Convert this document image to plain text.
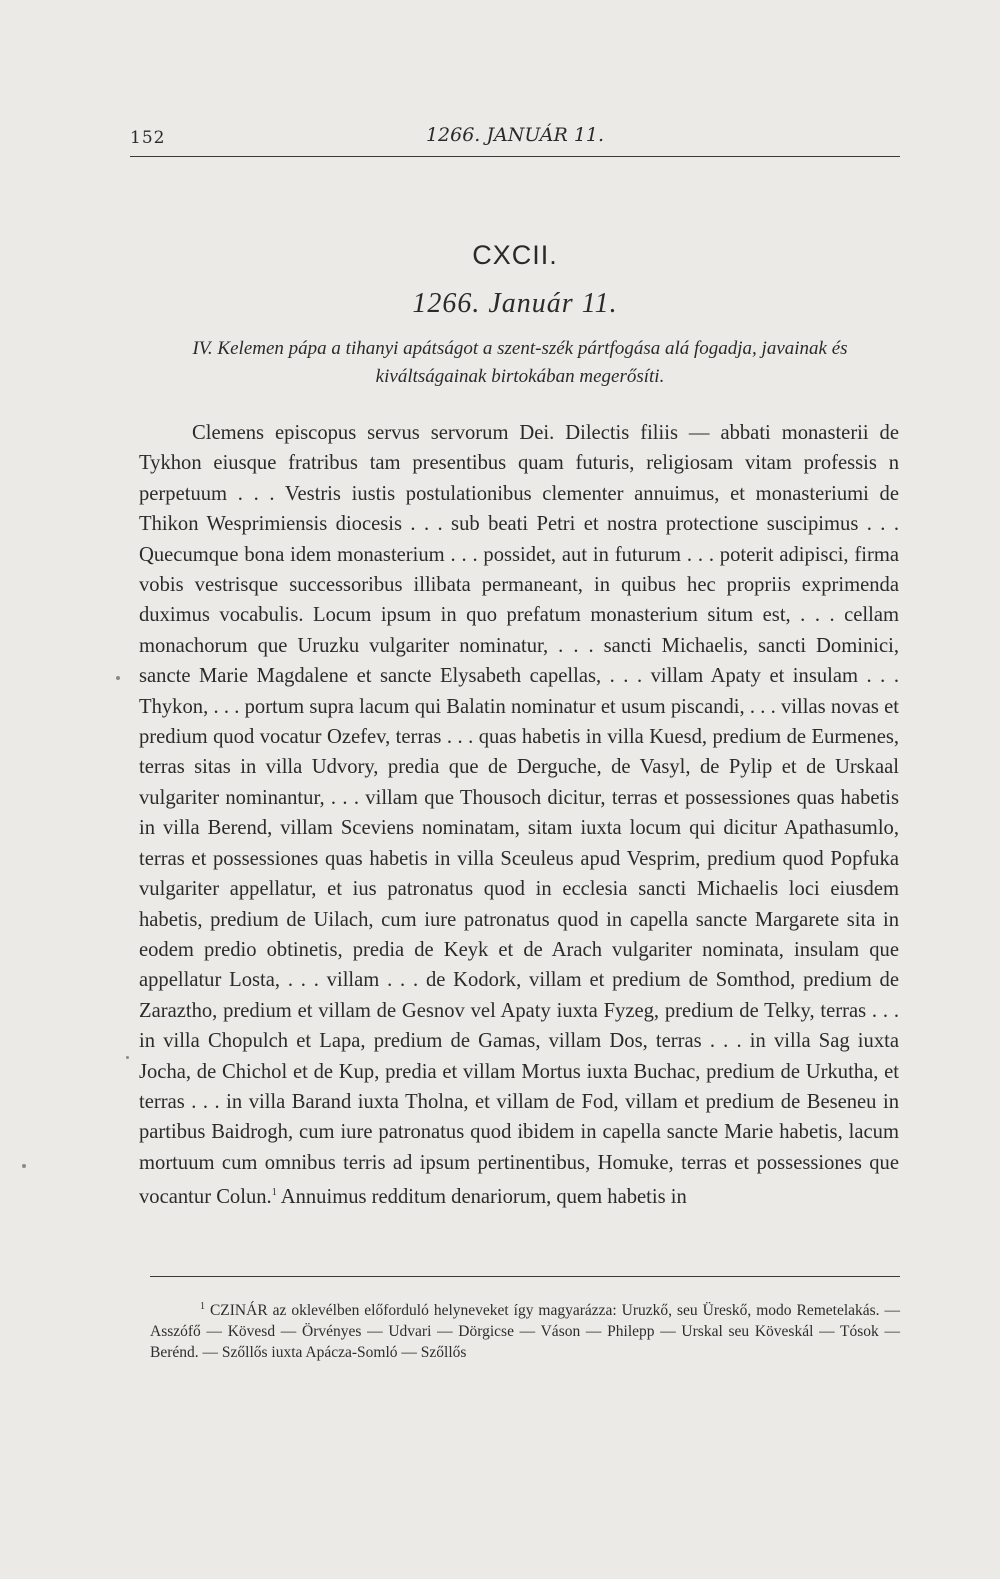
152	1266. JANUÁR 11.
CXCII.
1266. Január 11.
IV. Kelemen pápa a tihanyi apátságot a szent-szék pártfogása alá fogadja, javainak és kiváltságainak birtokában megerősíti.

Clemens episcopus servus servorum Dei. Dilectis filiis — abbati monasterii de Tykhon eiusque fratribus tam presentibus quam futuris, religiosam vitam professis n perpetuum . . . Vestris iustis postulationibus clementer annuimus, et monasteriumi de Thikon Wesprimiensis diocesis . . . sub beati Petri et nostra protectione suscipimus . . . Quecumque bona idem monasterium . . . possidet, aut in futurum . . . poterit adipisci, firma vobis vestrisque successoribus illibata permaneant, in quibus hec propriis exprimenda duximus vocabulis. Locum ipsum in quo prefatum monasterium situm est, . . . cellam monachorum que Uruzku vulgariter nominatur, . . . sancti Michaelis, sancti Dominici, sancte Marie Magdalene et sancte Elysabeth capellas, . . . villam Apaty et insulam . . . Thykon, . . . portum supra lacum qui Balatin nominatur et usum piscandi, . . . villas novas et predium quod vocatur Ozefev, terras . . . quas habetis in villa Kuesd, predium de Eurmenes, terras sitas in villa Udvory, predia que de Derguche, de Vasyl, de Pylip et de Urskaal vulgariter nominantur, . . . villam que Thousoch dicitur, terras et possessiones quas habetis in villa Berend, villam Sceviens nominatam, sitam iuxta locum qui dicitur Apathasumlo, terras et possessiones quas habetis in villa Sceuleus apud Vesprim, predium quod Popfuka vulgariter appellatur, et ius patronatus quod in ecclesia sancti Michaelis loci eiusdem habetis, predium de Uilach, cum iure patronatus quod in capella sancte Margarete sita in eodem predio obtinetis, predia de Keyk et de Arach vulgariter nominata, insulam que appellatur Losta, . . . villam . . . de Kodork, villam et predium de Somthod, predium de Zaraztho, predium et villam de Gesnov vel Apaty iuxta Fyzeg, predium de Telky, terras . . . in villa Chopulch et Lapa, predium de Gamas, villam Dos, terras . . . in villa Sag iuxta Jocha, de Chichol et de Kup, predia et villam Mortus iuxta Buchac, predium de Urkutha, et terras . . . in villa Barand iuxta Tholna, et villam de Fod, villam et predium de Beseneu in partibus Baidrogh, cum iure patronatus quod ibidem in capella sancte Marie habetis, lacum mortuum cum omnibus terris ad ipsum pertinentibus, Homuke, terras et possessiones que vocantur Colun.$^1$ Annuimus redditum denariorum, quem habetis in

$^1$ CZINÁR az oklevélben előforduló helyneveket így magyarázza: Uruzkő, seu Üreskő, modo Remetelakás. — Asszófő — Kövesd — Örvényes — Udvari — Dörgicse — Váson — Philepp — Urskal seu Köveskál — Tósok — Berénd. — Szőllős iuxta Apácza-Somló — Szőllős
